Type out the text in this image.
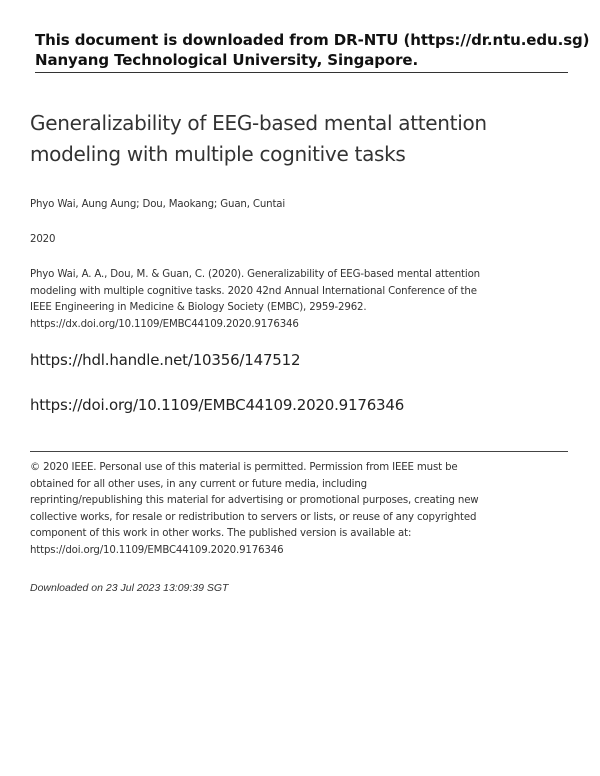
This document is downloaded from DR-NTU (https://dr.ntu.edu.sg)
Nanyang Technological University, Singapore.
Generalizability of EEG-based mental attention
modeling with multiple cognitive tasks
Phyo Wai, Aung Aung; Dou, Maokang; Guan, Cuntai
2020
Phyo Wai, A. A., Dou, M. & Guan, C. (2020). Generalizability of EEG-based mental attention
modeling with multiple cognitive tasks. 2020 42nd Annual International Conference of the
IEEE Engineering in Medicine & Biology Society (EMBC), 2959-2962.
https://dx.doi.org/10.1109/EMBC44109.2020.9176346
https://hdl.handle.net/10356/147512
https://doi.org/10.1109/EMBC44109.2020.9176346
© 2020 IEEE. Personal use of this material is permitted. Permission from IEEE must be
obtained for all other uses, in any current or future media, including
reprinting/republishing this material for advertising or promotional purposes, creating new
collective works, for resale or redistribution to servers or lists, or reuse of any copyrighted
component of this work in other works. The published version is available at:
https://doi.org/10.1109/EMBC44109.2020.9176346
Downloaded on 23 Jul 2023 13:09:39 SGT
